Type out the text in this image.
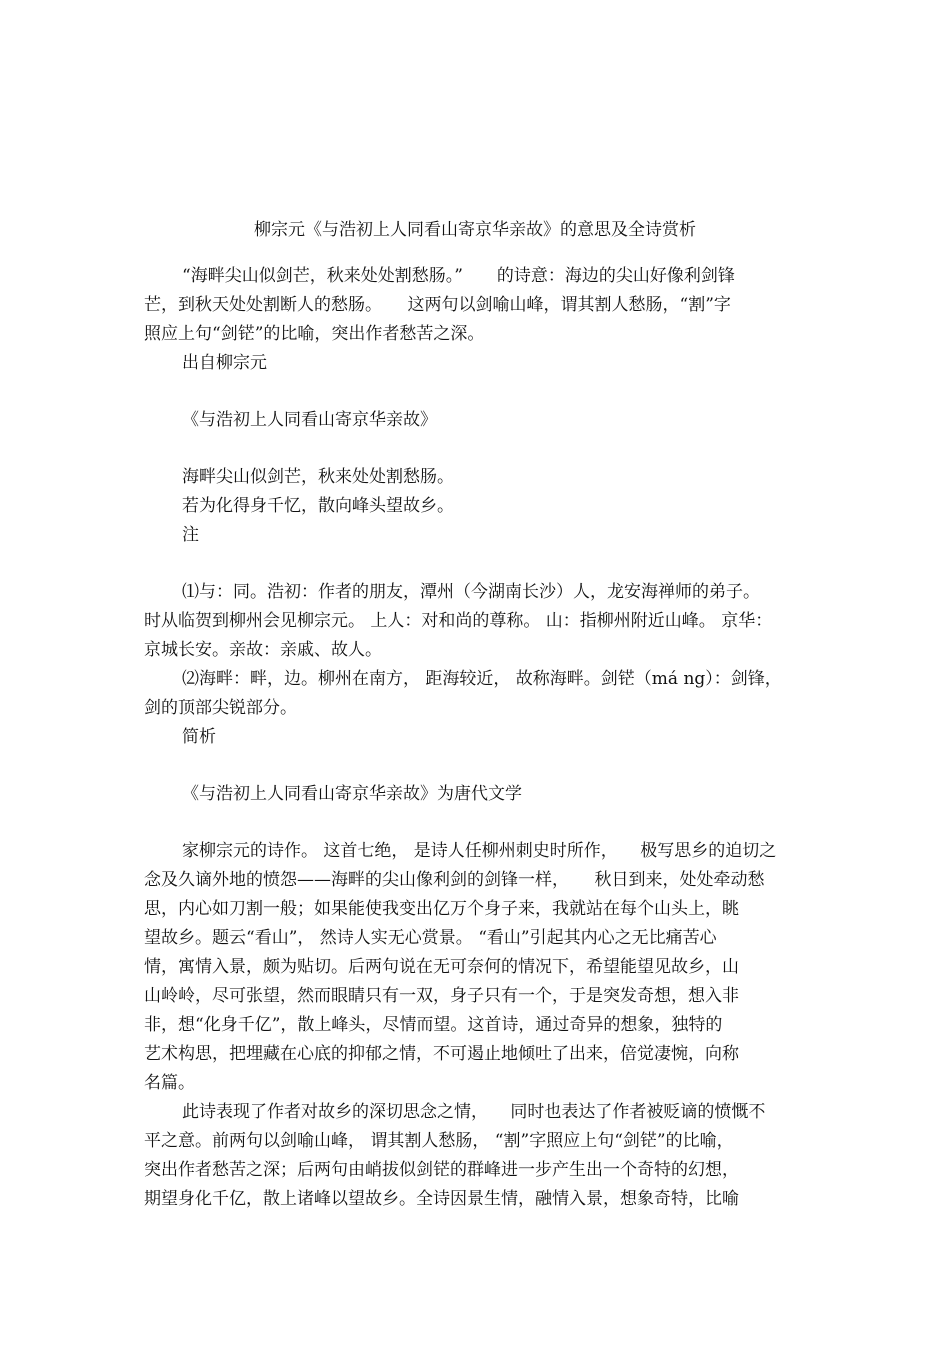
柳宗元《与浩初上人同看山寄京华亲故》的意思及全诗赏析
“海畔尖山似剑芒，秋来处处割愁肠。”　　的诗意：海边的尖山好像利剑锋
芒，到秋天处处割断人的愁肠。　　这两句以剑喻山峰，谓其割人愁肠，“割”字
照应上句“剑铓”的比喻，突出作者愁苦之深。
出自柳宗元
《与浩初上人同看山寄京华亲故》
海畔尖山似剑芒，秋来处处割愁肠。
若为化得身千忆，散向峰头望故乡。
注
⑴与：同。浩初：作者的朋友，潭州（今湖南长沙）人，龙安海禅师的弟子。
时从临贺到柳州会见柳宗元。 上人：对和尚的尊称。 山：指柳州附近山峰。 京华：
京城长安。亲故：亲戚、故人。
⑵海畔：畔，边。柳州在南方， 距海较近， 故称海畔。剑铓（má ng）：剑锋，
剑的顶部尖锐部分。
简析
《与浩初上人同看山寄京华亲故》为唐代文学
家柳宗元的诗作。 这首七绝， 是诗人任柳州刺史时所作， 　极写思乡的迫切之
念及久谪外地的愤怨——海畔的尖山像利剑的剑锋一样，　　秋日到来，处处牵动愁
思，内心如刀割一般；如果能使我变出亿万个身子来，我就站在每个山头上，眺
望故乡。题云“看山”， 然诗人实无心赏景。 “看山”引起其内心之无比痛苦心
情，寓情入景，颇为贴切。后两句说在无可奈何的情况下，希望能望见故乡，山
山岭岭，尽可张望，然而眼睛只有一双，身子只有一个，于是突发奇想，想入非
非，想“化身千亿”，散上峰头，尽情而望。这首诗，通过奇异的想象，独特的
艺术构思，把埋藏在心底的抑郁之情，不可遏止地倾吐了出来，倍觉凄惋，向称
名篇。
此诗表现了作者对故乡的深切思念之情， 　同时也表达了作者被贬谪的愤慨不
平之意。前两句以剑喻山峰， 谓其割人愁肠， “割”字照应上句“剑铓”的比喻，
突出作者愁苦之深；后两句由峭拔似剑铓的群峰进一步产生出一个奇特的幻想，
期望身化千亿，散上诸峰以望故乡。全诗因景生情，融情入景，想象奇特，比喻
